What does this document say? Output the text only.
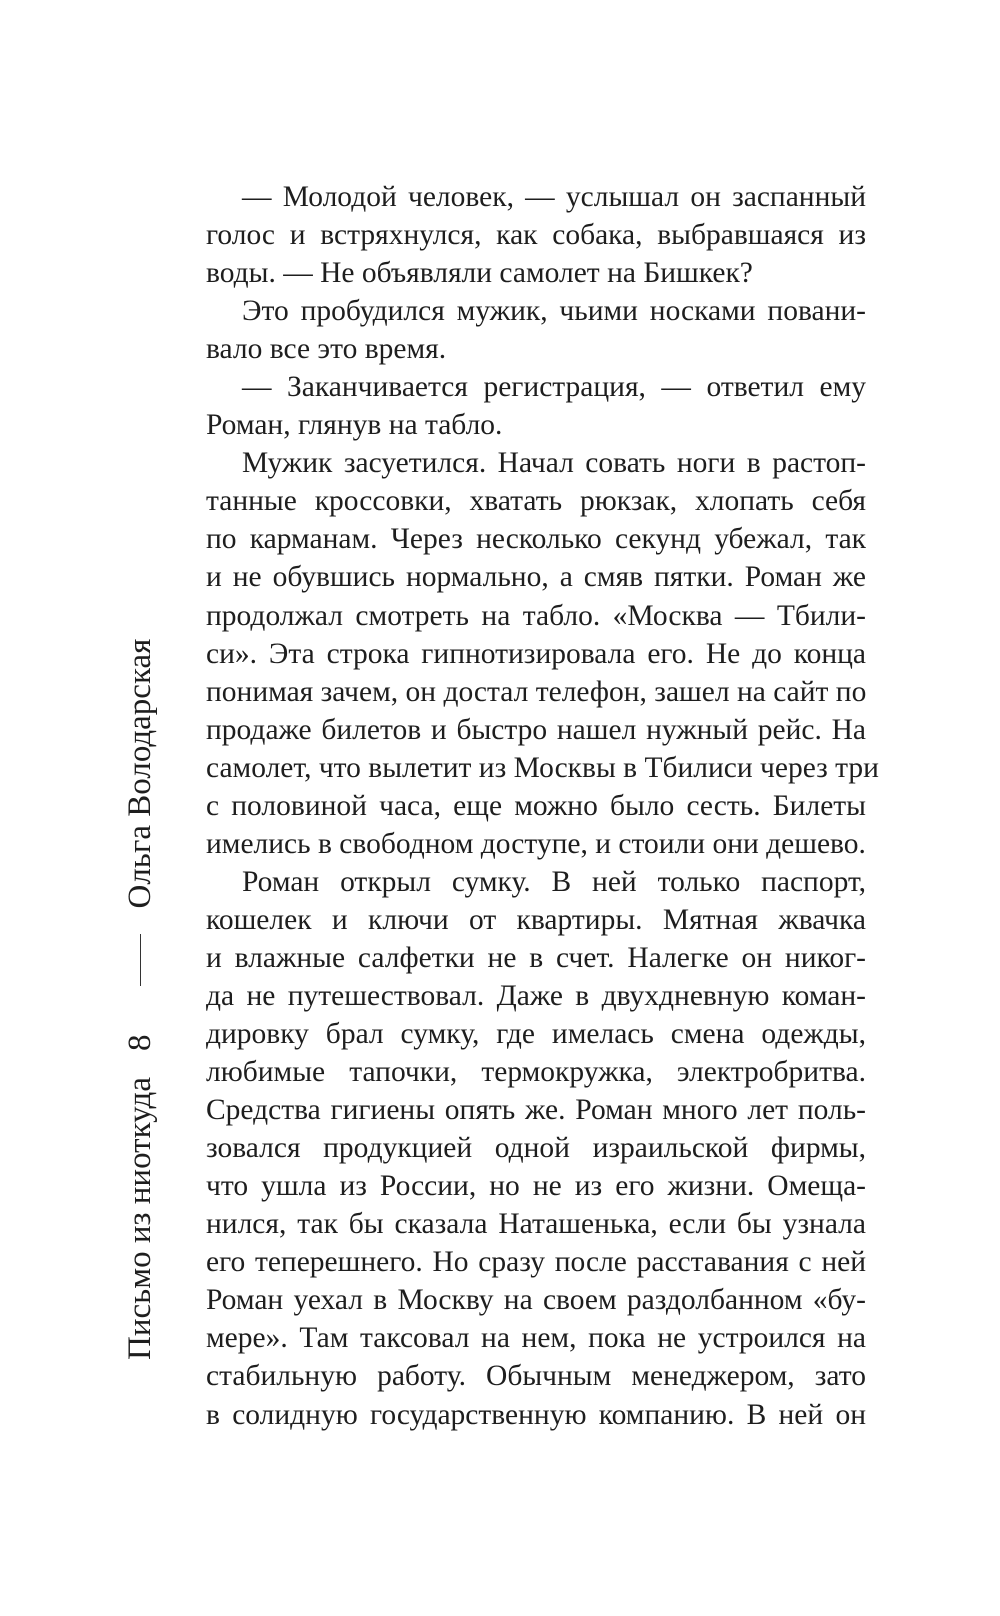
Письмо из ниоткуда
8
Ольга Володарская
— Молодой человек, — услышал он заспанный
голос и встряхнулся, как собака, выбравшаяся из
воды. — Не объявляли самолет на Бишкек?
Это пробудился мужик, чьими носками повани-
вало все это время.
— Заканчивается регистрация, — ответил ему
Роман, глянув на табло.
Мужик засуетился. Начал совать ноги в растоп-
танные кроссовки, хватать рюкзак, хлопать себя
по карманам. Через несколько секунд убежал, так
и не обувшись нормально, а смяв пятки. Роман же
продолжал смотреть на табло. «Москва — Тбили-
си». Эта строка гипнотизировала его. Не до конца
понимая зачем, он достал телефон, зашел на сайт по
продаже билетов и быстро нашел нужный рейс. На
самолет, что вылетит из Москвы в Тбилиси через три
с половиной часа, еще можно было сесть. Билеты
имелись в свободном доступе, и стоили они дешево.
Роман открыл сумку. В ней только паспорт,
кошелек и ключи от квартиры. Мятная жвачка
и влажные салфетки не в счет. Налегке он никог-
да не путешествовал. Даже в двухдневную коман-
дировку брал сумку, где имелась смена одежды,
любимые тапочки, термокружка, электробритва.
Средства гигиены опять же. Роман много лет поль-
зовался продукцией одной израильской фирмы,
что ушла из России, но не из его жизни. Омеща-
нился, так бы сказала Наташенька, если бы узнала
его теперешнего. Но сразу после расставания с ней
Роман уехал в Москву на своем раздолбанном «бу-
мере». Там таксовал на нем, пока не устроился на
стабильную работу. Обычным менеджером, зато
в солидную государственную компанию. В ней он
